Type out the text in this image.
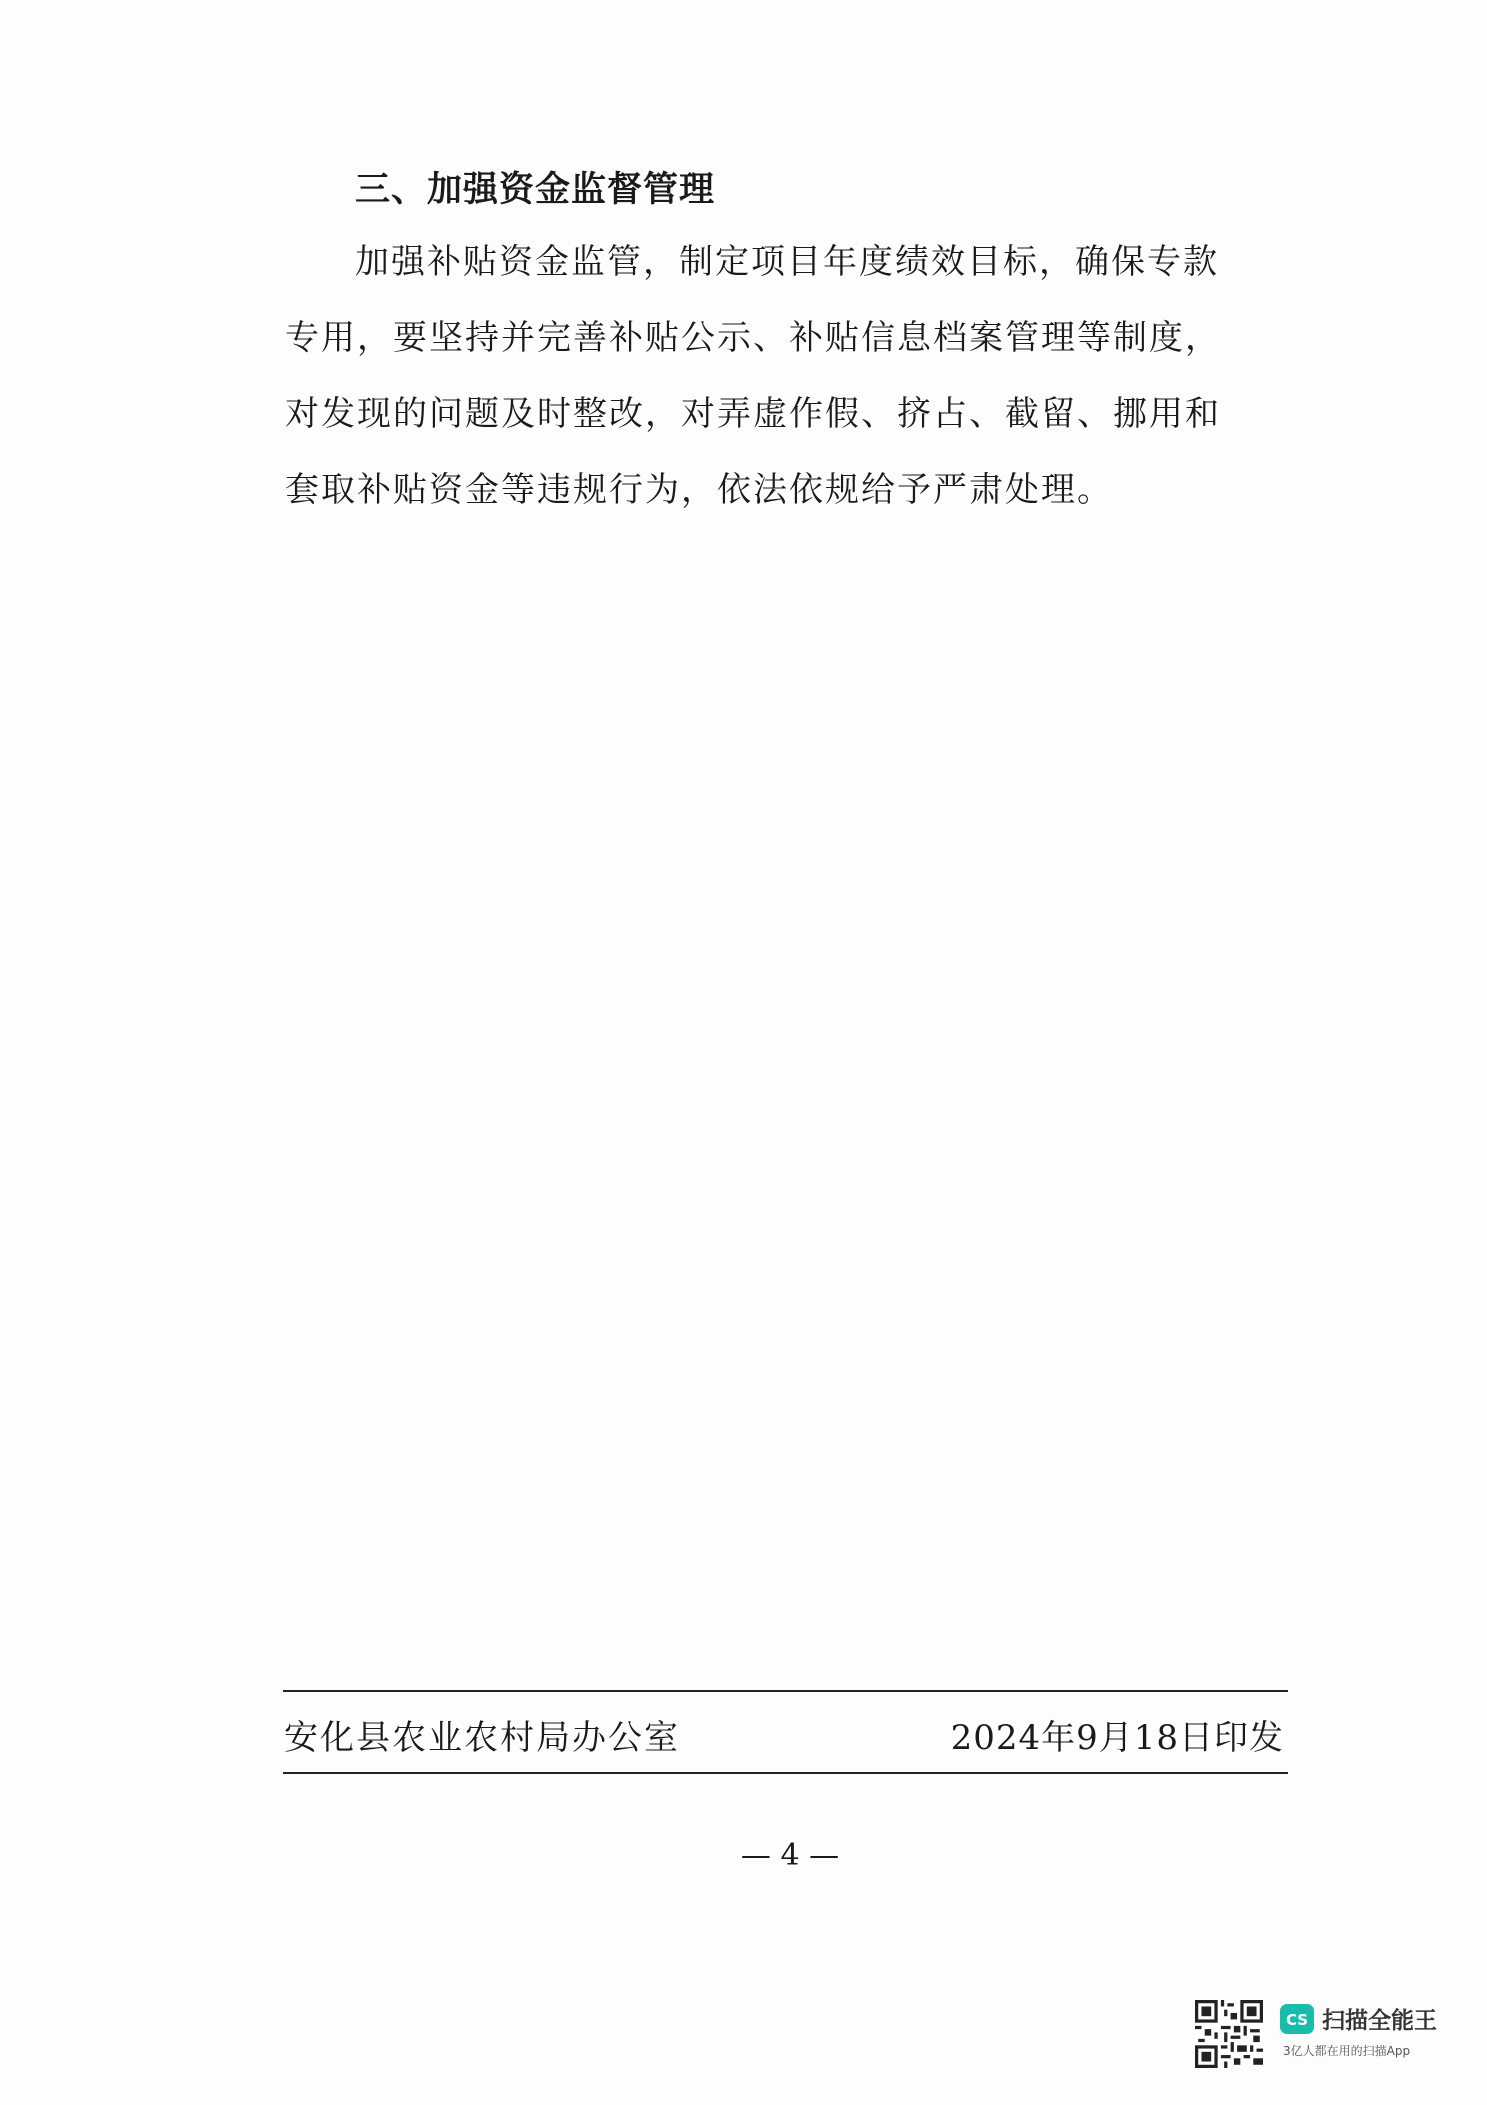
三、加强资金监督管理

加强补贴资金监管，制定项目年度绩效目标，确保专款

专用，要坚持并完善补贴公示、补贴信息档案管理等制度，

对发现的问题及时整改，对弄虚作假、挤占、截留、挪用和

套取补贴资金等违规行为，依法依规给予严肃处理。

安化县农业农村局办公室	2024年9月18日印发
— 4 —
CS 扫描全能王
3亿人都在用的扫描App
